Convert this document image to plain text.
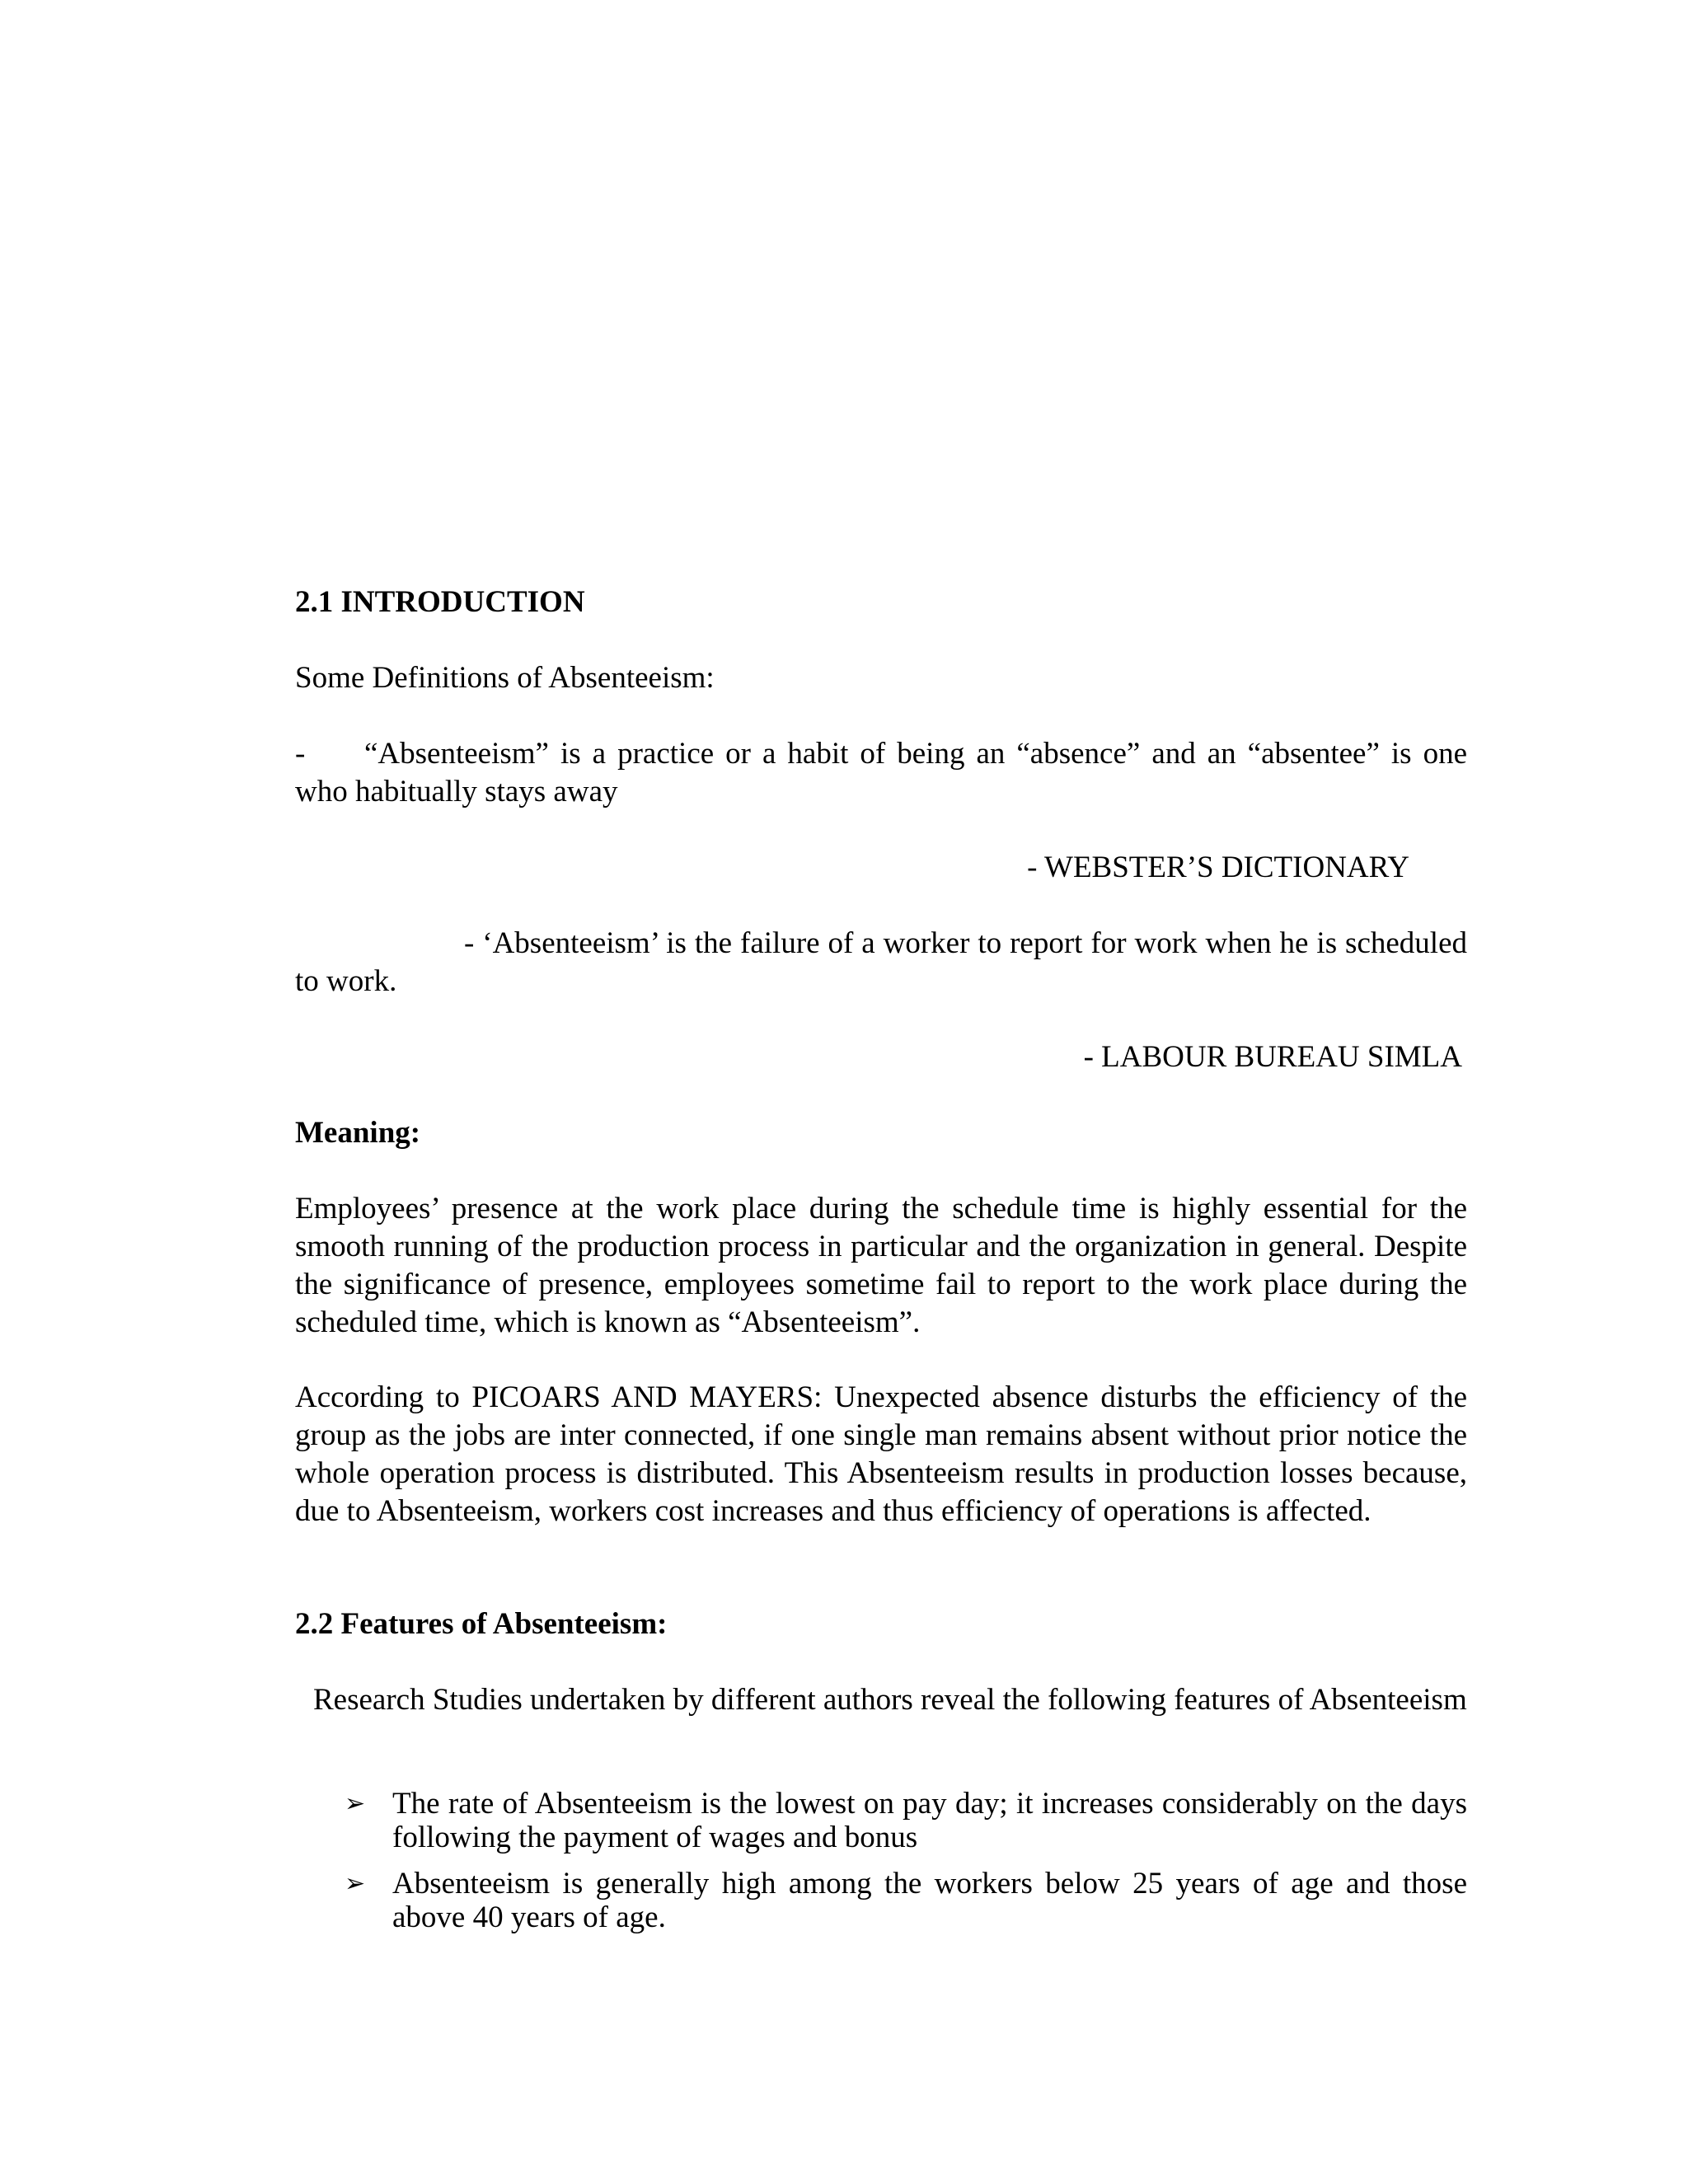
2.1 INTRODUCTION

Some Definitions of Absenteeism:

- “Absenteeism” is a practice or a habit of being an “absence” and an “absentee” is one who habitually stays away

- WEBSTER’S DICTIONARY

- ‘Absenteeism’ is the failure of a worker to report for work when he is scheduled to work.

- LABOUR BUREAU SIMLA

Meaning:

Employees’ presence at the work place during the schedule time is highly essential for the smooth running of the production process in particular and the organization in general. Despite the significance of presence, employees sometime fail to report to the work place during the scheduled time, which is known as “Absenteeism”.

According to PICOARS AND MAYERS: Unexpected absence disturbs the efficiency of the group as the jobs are inter connected, if one single man remains absent without prior notice the whole operation process is distributed. This Absenteeism results in production losses because, due to Absenteeism, workers cost increases and thus efficiency of operations is affected.

2.2 Features of Absenteeism:

Research Studies undertaken by different authors reveal the following features of Absenteeism

➢ The rate of Absenteeism is the lowest on pay day; it increases considerably on the days following the payment of wages and bonus
➢ Absenteeism is generally high among the workers below 25 years of age and those above 40 years of age.
